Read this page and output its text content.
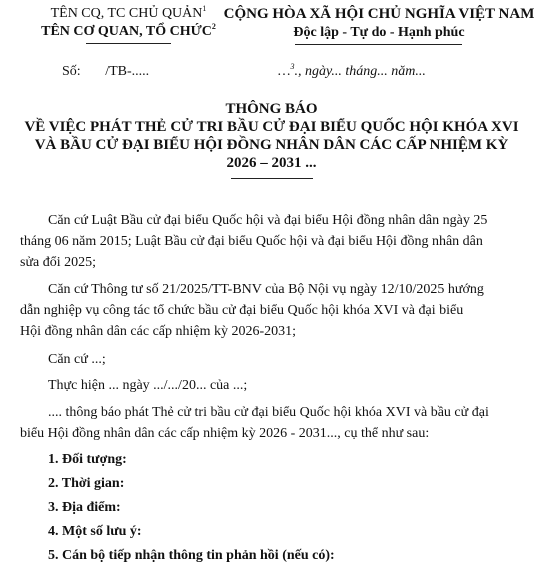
TÊN CQ, TC CHỦ QUẢN$^1$
TÊN CƠ QUAN, TỔ CHỨC$^2$
CỘNG HÒA XÃ HỘI CHỦ NGHĨA VIỆT NAM
Độc lập - Tự do - Hạnh phúc
Số: /TB-.....	…$^3$., ngày... tháng... năm...
THÔNG BÁO
VỀ VIỆC PHÁT THẺ CỬ TRI BẦU CỬ ĐẠI BIỂU QUỐC HỘI KHÓA XVI
VÀ BẦU CỬ ĐẠI BIỂU HỘI ĐỒNG NHÂN DÂN CÁC CẤP NHIỆM KỲ
2026 – 2031 ...
Căn cứ Luật Bầu cử đại biểu Quốc hội và đại biểu Hội đồng nhân dân ngày 25
tháng 06 năm 2015; Luật Bầu cử đại biểu Quốc hội và đại biểu Hội đồng nhân dân
sửa đổi 2025;
Căn cứ Thông tư số 21/2025/TT-BNV của Bộ Nội vụ ngày 12/10/2025 hướng
dẫn nghiệp vụ công tác tổ chức bầu cử đại biểu Quốc hội khóa XVI và đại biểu
Hội đồng nhân dân các cấp nhiệm kỳ 2026-2031;
Căn cứ ...;
Thực hiện ... ngày .../.../20... của ...;
.... thông báo phát Thẻ cử tri bầu cử đại biểu Quốc hội khóa XVI và bầu cử đại
biểu Hội đồng nhân dân các cấp nhiệm kỳ 2026 - 2031..., cụ thể như sau:
1. Đối tượng:
2. Thời gian:
3. Địa điểm:
4. Một số lưu ý:
5. Cán bộ tiếp nhận thông tin phản hồi (nếu có):
